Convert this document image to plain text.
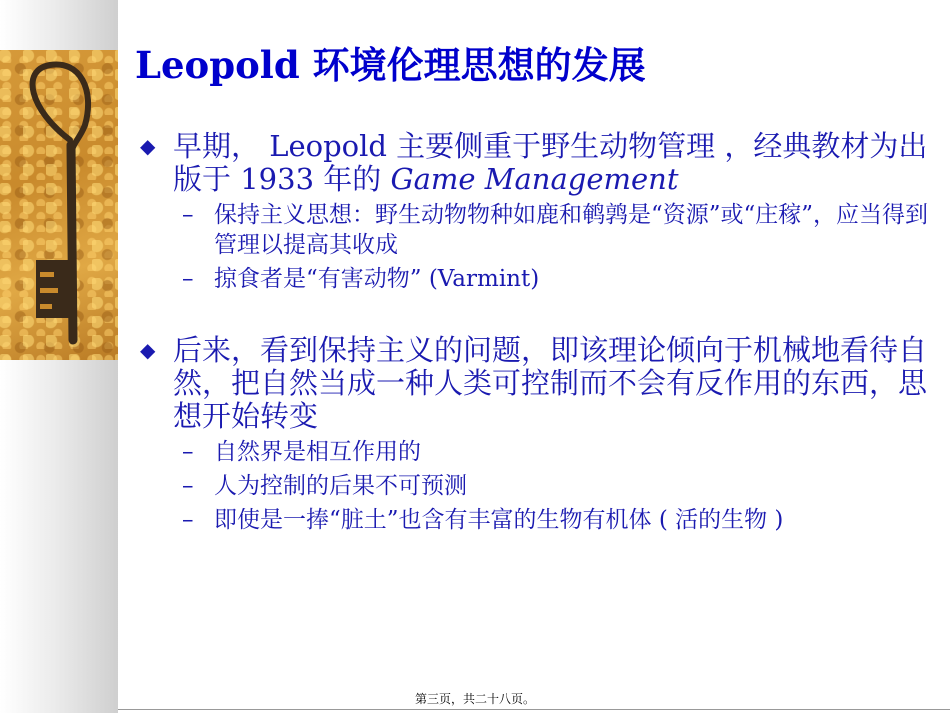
Leopold 环境伦理思想的发展

◆ 早期， Leopold 主要侧重于野生动物管理 ，经典教材为出版于 1933 年的 Game Management

– 保持主义思想：野生动物物种如鹿和鹌鹑是“资源”或“庄稼”，应当得到管理以提高其收成

– 掠食者是“有害动物” (Varmint)

◆ 后来，看到保持主义的问题，即该理论倾向于机械地看待自然，把自然当成一种人类可控制而不会有反作用的东西，思想开始转变

– 自然界是相互作用的

– 人为控制的后果不可预测

– 即使是一捧“脏土”也含有丰富的生物有机体 ( 活的生物 )

第三页，共二十八页。
